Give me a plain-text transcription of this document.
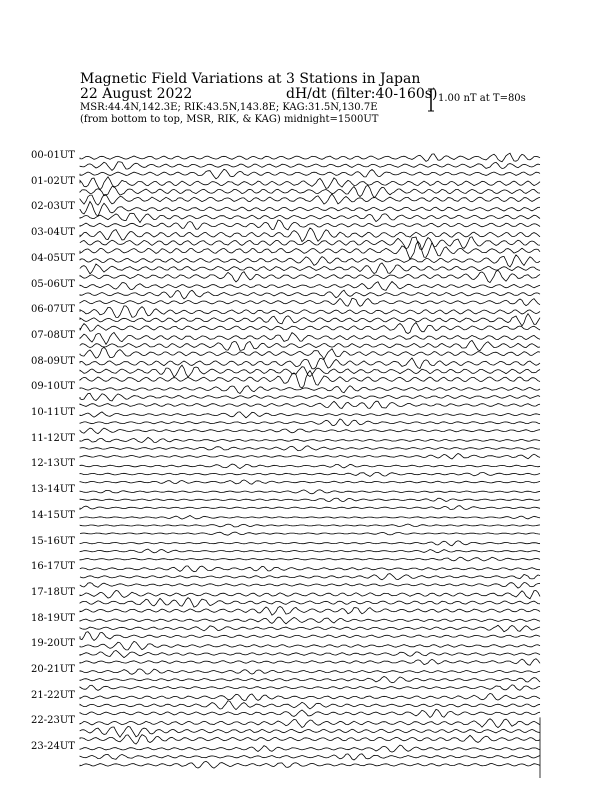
Magnetic Field Variations at 3 Stations in Japan
22 August 2022	dH/dt (filter:40-160s)
MSR:44.4N,142.3E; RIK:43.5N,143.8E; KAG:31.5N,130.7E
(from bottom to top, MSR, RIK, & KAG) midnight=1500UT
1.00 nT at T=80s
00-01UT
01-02UT
02-03UT
03-04UT
04-05UT
05-06UT
06-07UT
07-08UT
08-09UT
09-10UT
10-11UT
11-12UT
12-13UT
13-14UT
14-15UT
15-16UT
16-17UT
17-18UT
18-19UT
19-20UT
20-21UT
21-22UT
22-23UT
23-24UT
